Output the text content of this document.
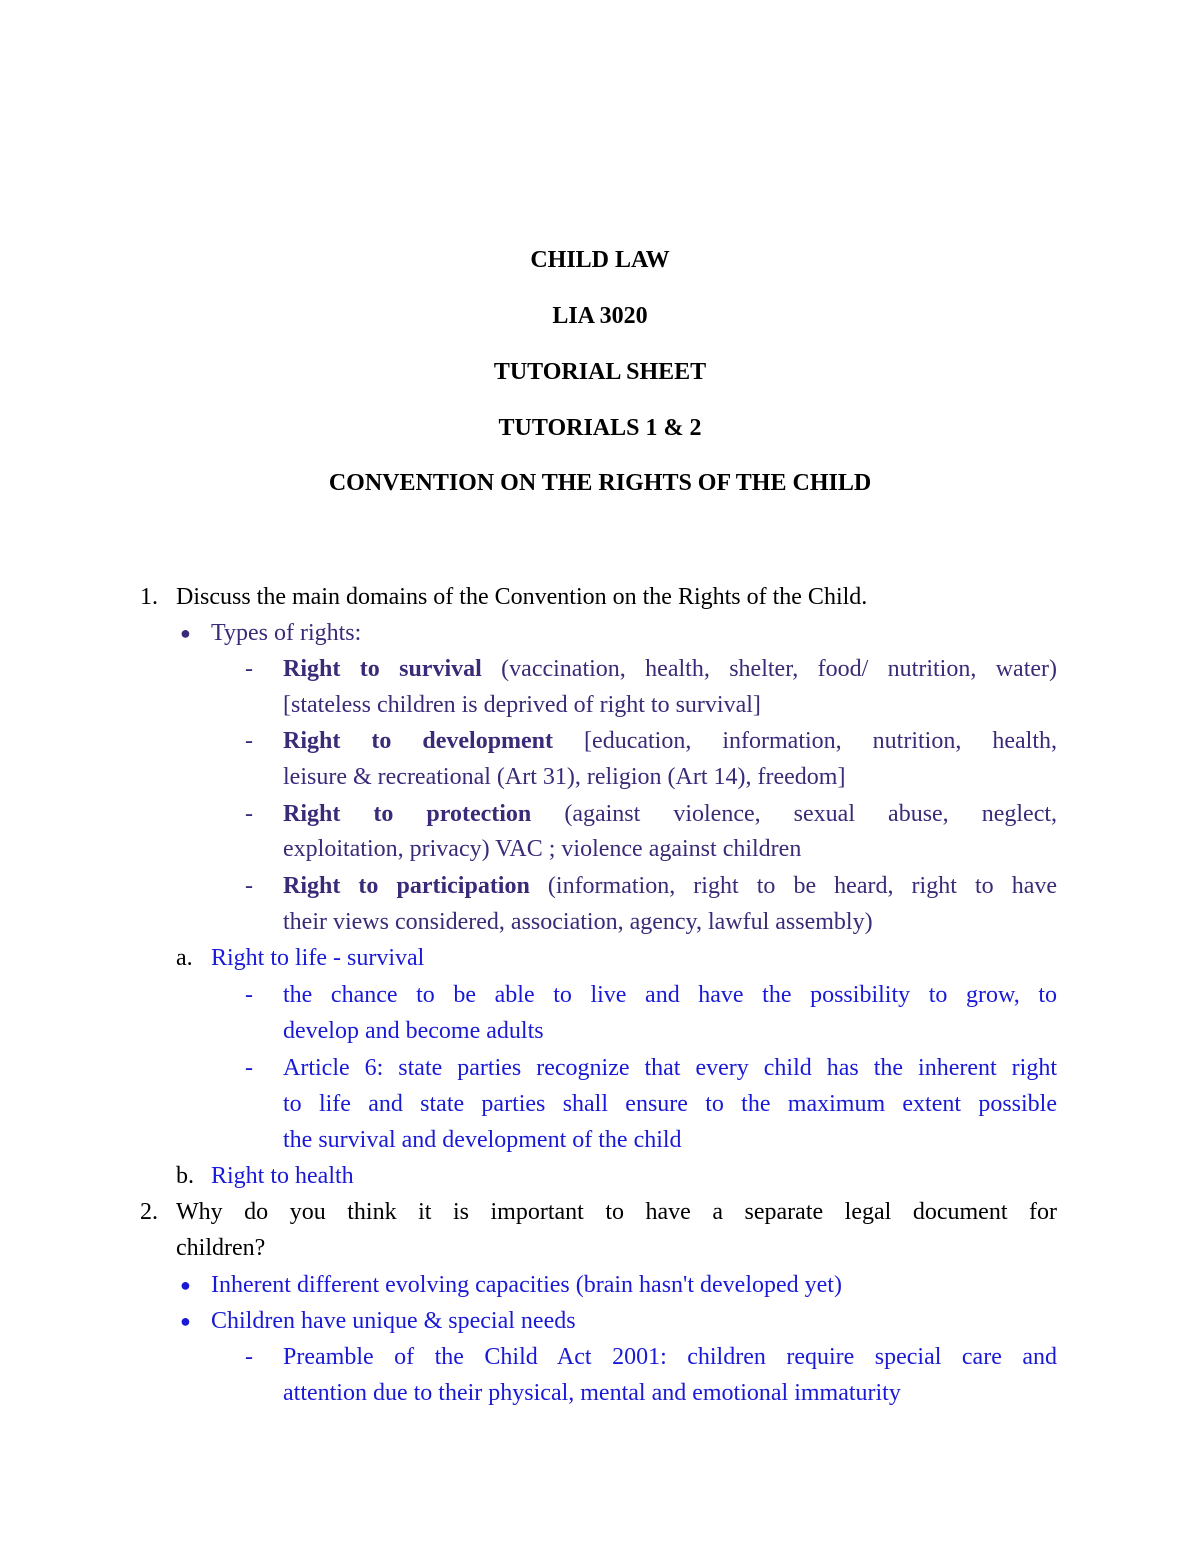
CHILD LAW
LIA 3020
TUTORIAL SHEET
TUTORIALS 1 & 2
CONVENTION ON THE RIGHTS OF THE CHILD
1. Discuss the main domains of the Convention on the Rights of the Child.
● Types of rights:
- Right to survival (vaccination, health, shelter, food/ nutrition, water)
[stateless children is deprived of right to survival]
- Right to development [education, information, nutrition, health,
leisure & recreational (Art 31), religion (Art 14), freedom]
- Right to protection (against violence, sexual abuse, neglect,
exploitation, privacy) VAC ; violence against children
- Right to participation (information, right to be heard, right to have
their views considered, association, agency, lawful assembly)
a. Right to life - survival
- the chance to be able to live and have the possibility to grow, to
develop and become adults
- Article 6: state parties recognize that every child has the inherent right
to life and state parties shall ensure to the maximum extent possible
the survival and development of the child
b. Right to health
2. Why do you think it is important to have a separate legal document for
children?
● Inherent different evolving capacities (brain hasn't developed yet)
● Children have unique & special needs
- Preamble of the Child Act 2001: children require special care and
attention due to their physical, mental and emotional immaturity
